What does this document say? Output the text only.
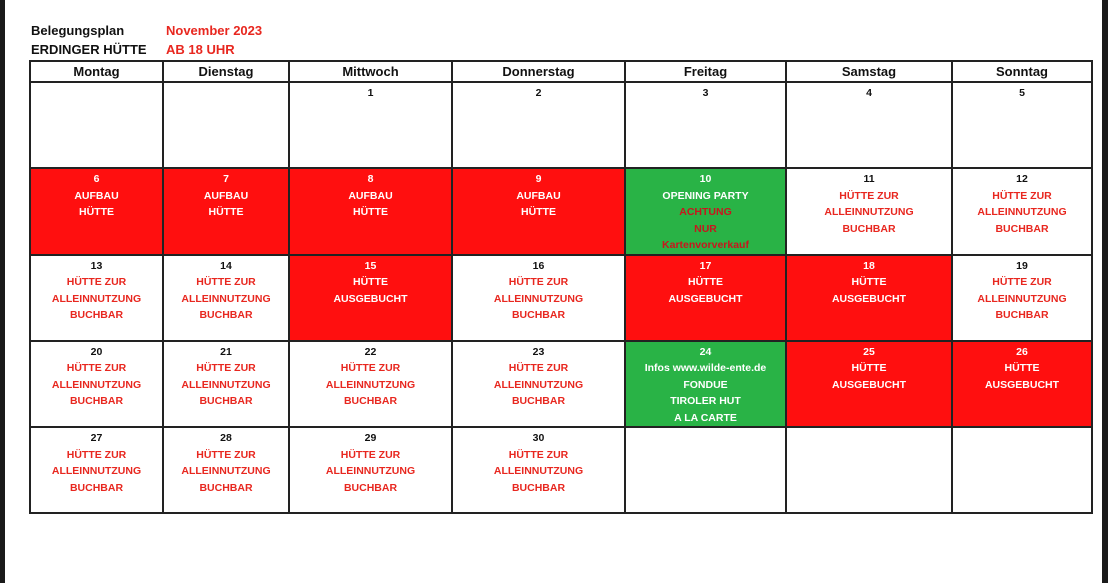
Belegungsplan	November 2023
ERDINGER HÜTTE	AB 18 UHR
Montag	Dienstag	Mittwoch	Donnerstag	Freitag	Samstag	Sonntag

		1	2	3	4	5

6
AUFBAU
HÜTTE	7
AUFBAU
HÜTTE	8
AUFBAU
HÜTTE	9
AUFBAU
HÜTTE	10
OPENING PARTY
ACHTUNG
NUR
Kartenvorverkauf	11
HÜTTE ZUR
ALLEINNUTZUNG
BUCHBAR	12
HÜTTE ZUR
ALLEINNUTZUNG
BUCHBAR

13
HÜTTE ZUR
ALLEINNUTZUNG
BUCHBAR	14
HÜTTE ZUR
ALLEINNUTZUNG
BUCHBAR	15
HÜTTE
AUSGEBUCHT	16
HÜTTE ZUR
ALLEINNUTZUNG
BUCHBAR	17
HÜTTE
AUSGEBUCHT	18
HÜTTE
AUSGEBUCHT	19
HÜTTE ZUR
ALLEINNUTZUNG
BUCHBAR

20
HÜTTE ZUR
ALLEINNUTZUNG
BUCHBAR	21
HÜTTE ZUR
ALLEINNUTZUNG
BUCHBAR	22
HÜTTE ZUR
ALLEINNUTZUNG
BUCHBAR	23
HÜTTE ZUR
ALLEINNUTZUNG
BUCHBAR	24
Infos www.wilde-ente.de
FONDUE
TIROLER HUT
A LA CARTE	25
HÜTTE
AUSGEBUCHT	26
HÜTTE
AUSGEBUCHT

27
HÜTTE ZUR
ALLEINNUTZUNG
BUCHBAR	28
HÜTTE ZUR
ALLEINNUTZUNG
BUCHBAR	29
HÜTTE ZUR
ALLEINNUTZUNG
BUCHBAR	30
HÜTTE ZUR
ALLEINNUTZUNG
BUCHBAR			
